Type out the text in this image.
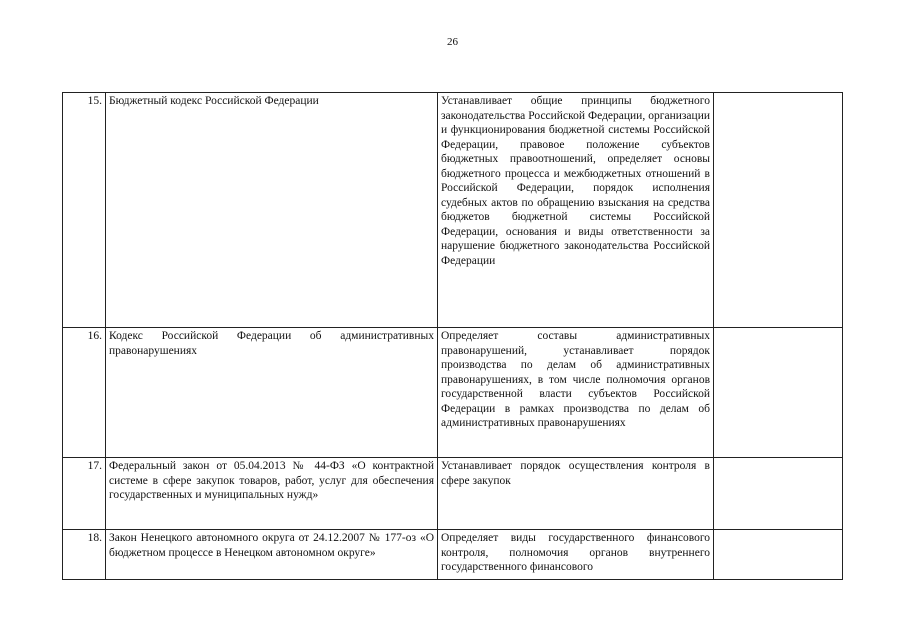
26
15.	Бюджетный кодекс Российской Федерации	Устанавливает общие принципы бюджетного законодательства Российской Федерации, организации и функционирования бюджетной системы Российской Федерации, правовое положение субъектов бюджетных правоотношений, определяет основы бюджетного процесса и межбюджетных отношений в Российской Федерации, порядок исполнения судебных актов по обращению взыскания на средства бюджетов бюджетной системы Российской Федерации, основания и виды ответственности за нарушение бюджетного законодательства Российской Федерации	
16.	Кодекс Российской Федерации об административных правонарушениях	Определяет составы административных правонарушений, устанавливает порядок производства по делам об административных правонарушениях, в том числе полномочия органов государственной власти субъектов Российской Федерации в рамках производства по делам об административных правонарушениях	
17.	Федеральный закон от 05.04.2013 № 44-ФЗ «О контрактной системе в сфере закупок товаров, работ, услуг для обеспечения государственных и муниципальных нужд»	Устанавливает порядок осуществления контроля в сфере закупок	
18.	Закон Ненецкого автономного округа от 24.12.2007 № 177-оз «О бюджетном процессе в Ненецком автономном округе»	Определяет виды государственного финансового контроля, полномочия органов внутреннего государственного финансового	
